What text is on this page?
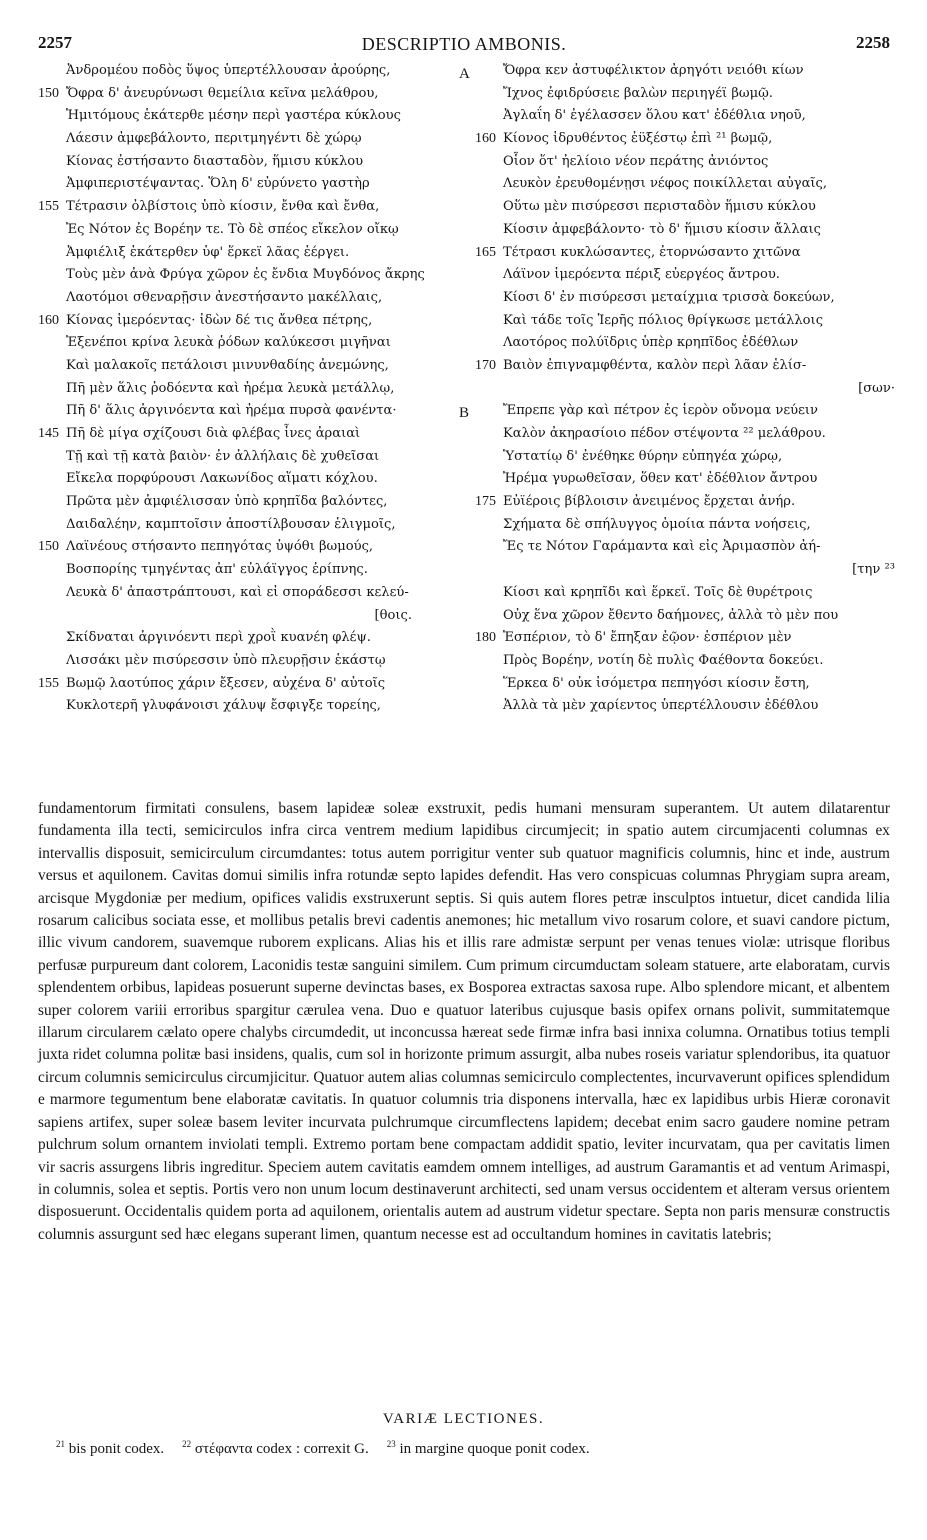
2257	DESCRIPTIO AMBONIS.	2258
A
B
Ἀνδρομέου ποδὸς ὕψος ὑπερτέλλουσαν ἀρούρης,
150 Ὄφρα δ' ἀνευρύνωσι θεμείλια κεῖνα μελάθρου,
Ἡμιτόμους ἑκάτερθε μέσην περὶ γαστέρα κύκλους
Λάεσιν ἀμφεβάλοντο, περιτμηγέντι δὲ χώρῳ
Κίονας ἐστήσαντο διασταδὸν, ἥμισυ κύκλου
Ἀμφιπεριστέψαντας. Ὅλη δ' εὐρύνετο γαστὴρ
155 Τέτρασιν ὀλβίστοις ὑπὸ κίοσιν, ἔνθα καὶ ἔνθα,
Ἐς Νότον ἐς Βορέην τε. Τὸ δὲ σπέος εἴκελον οἴκῳ
Ἀμφιέλιξ ἑκάτερθεν ὑφ' ἕρκεϊ λᾶας ἐέργει.
Τοὺς μὲν ἀνὰ Φρύγα χῶρον ἐς ἔνδια Μυγδόνος ἄκρης
Λαοτόμοι σθεναρῇσιν ἀνεστήσαντο μακέλλαις,
160 Κίονας ἱμερόεντας· ἰδὼν δέ τις ἄνθεα πέτρης,
Ἐξενέποι κρίνα λευκὰ ῥόδων καλύκεσσι μιγῆναι
Καὶ μαλακοῖς πετάλοισι μινυνθαδίης ἀνεμώνης,
Πῆ μὲν ἅλις ῥοδόεντα καὶ ἠρέμα λευκὰ μετάλλῳ,
Πῆ δ' ἅλις ἀργινόεντα καὶ ἠρέμα πυρσὰ φανέντα·
145 Πῆ δὲ μίγα σχίζουσι διὰ φλέβας ἶνες ἀραιαὶ
Τῇ καὶ τῇ κατὰ βαιὸν· ἐν ἀλλήλαις δὲ χυθεῖσαι
Εἴκελα πορφύρουσι Λακωνίδος αἵματι κόχλου.
Πρῶτα μὲν ἀμφιέλισσαν ὑπὸ κρηπῖδα βαλόντες,
Δαιδαλέην, καμπτοῖσιν ἀποστίλβουσαν ἑλιγμοῖς,
150 Λαϊνέους στήσαντο πεπηγότας ὑψόθι βωμούς,
Βοσπορίης τμηγέντας ἀπ' εὐλάϊγγος ἐρίπνης.
Λευκὰ δ' ἀπαστράπτουσι, καὶ εἰ σποράδεσσι κελεύ-
[θοις.
Σκίδναται ἀργινόεντι περὶ χροῒ κυανέη φλέψ.
Λισσάκι μὲν πισύρεσσιν ὑπὸ πλευρῇσιν ἑκάστῳ
155 Βωμῷ λαοτύπος χάριν ἔξεσεν, αὐχένα δ' αὐτοῖς
Κυκλοτερῆ γλυφάνοισι χάλυψ ἔσφιγξε τορείης,
Ὄφρα κεν ἀστυφέλικτον ἀρηγότι νειόθι κίων
Ἴχνος ἐφιδρύσειε βαλὼν περιηγέϊ βωμῷ.
Ἀγλαΐη δ' ἐγέλασσεν ὅλου κατ' ἐδέθλια νηοῦ,
160 Κίονος ἱδρυθέντος ἐϋξέστῳ ἐπὶ ²¹ βωμῷ,
Οἷον ὅτ' ἠελίοιο νέον περάτης ἀνιόντος
Λευκὸν ἐρευθομένῃσι νέφος ποικίλλεται αὐγαῖς,
Οὕτω μὲν πισύρεσσι περισταδὸν ἥμισυ κύκλου
Κίοσιν ἀμφεβάλοντο· τὸ δ' ἥμισυ κίοσιν ἄλλαις
165 Τέτρασι κυκλώσαντες, ἐτορνώσαντο χιτῶνα
Λάϊνον ἱμερόεντα πέριξ εὐεργέος ἄντρου.
Κίοσι δ' ἐν πισύρεσσι μεταίχμια τρισσὰ δοκεύων,
Καὶ τάδε τοῖς Ἱερῆς πόλιος θρίγκωσε μετάλλοις
Λαοτόρος πολύϊδρις ὑπὲρ κρηπῖδος ἐδέθλων
170 Βαιὸν ἐπιγναμφθέντα, καλὸν περὶ λᾶαν ἑλίσ-
[σων·
Ἔπρεπε γὰρ καὶ πέτρον ἐς ἱερὸν οὔνομα νεύειν
Καλὸν ἀκηρασίοιο πέδον στέψοντα ²² μελάθρου.
Ὑστατίῳ δ' ἐνέθηκε θύρην εὐπηγέα χώρῳ,
Ἠρέμα γυρωθεῖσαν, ὅθεν κατ' ἐδέθλιον ἄντρου
175 Εὐϊέροις βίβλοισιν ἀνειμένος ἔρχεται ἀνήρ.
Σχήματα δὲ σπήλυγγος ὁμοίια πάντα νοήσεις,
Ἔς τε Νότον Γαράμαντα καὶ εἰς Ἀριμασπὸν ἀή-
[την ²³
Κίοσι καὶ κρηπῖδι καὶ ἕρκεϊ. Τοῖς δὲ θυρέτροις
Οὐχ ἕνα χῶρον ἔθεντο δαήμονες, ἀλλὰ τὸ μὲν που
180 Ἑσπέριον, τὸ δ' ἔπηξαν ἑῷον· ἑσπέριον μὲν
Πρὸς Βορέην, νοτίη δὲ πυλὶς Φαέθοντα δοκεύει.
Ἕρκεα δ' οὐκ ἰσόμετρα πεπηγόσι κίοσιν ἔστη,
Ἀλλὰ τὰ μὲν χαρίεντος ὑπερτέλλουσιν ἐδέθλου
fundamentorum firmitati consulens, basem lapideæ soleæ exstruxit, pedis humani mensuram superantem. Ut autem dilatarentur fundamenta illa tecti, semicirculos infra circa ventrem medium lapidibus circumjecit; in spatio autem circumjacenti columnas ex intervallis disposuit, semicirculum circumdantes: totus autem porrigitur venter sub quatuor magnificis columnis, hinc et inde, austrum versus et aquilonem. Cavitas domui similis infra rotundæ septo lapides defendit. Has vero conspicuas columnas Phrygiam supra aream, arcisque Mygdoniæ per medium, opifices validis exstruxerunt septis. Si quis autem flores petræ insculptos intuetur, dicet candida lilia rosarum calicibus sociata esse, et mollibus petalis brevi cadentis anemones; hic metallum vivo rosarum colore, et suavi candore pictum, illic vivum candorem, suavemque ruborem explicans. Alias his et illis rare admistæ serpunt per venas tenues violæ: utrisque floribus perfusæ purpureum dant colorem, Laconidis testæ sanguini similem. Cum primum circumductam soleam statuere, arte elaboratam, curvis splendentem orbibus, lapideas posuerunt superne devinctas bases, ex Bosporea extractas saxosa rupe. Albo splendore micant, et albentem super colorem variii erroribus spargitur cærulea vena. Duo e quatuor lateribus cujusque basis opifex ornans polivit, summitatemque illarum circularem cælato opere chalybs circumdedit, ut inconcussa hæreat sede firmæ infra basi innixa columna. Ornatibus totius templi juxta ridet columna politæ basi insidens, qualis, cum sol in horizonte primum assurgit, alba nubes roseis variatur splendoribus, ita quatuor circum columnis semicirculus circumjicitur. Quatuor autem alias columnas semicirculo complectentes, incurvaverunt opifices splendidum e marmore tegumentum bene elaboratæ cavitatis. In quatuor columnis tria disponens intervalla, hæc ex lapidibus urbis Hieræ coronavit sapiens artifex, super soleæ basem leviter incurvata pulchrumque circumflectens lapidem; decebat enim sacro gaudere nomine petram pulchrum solum ornantem inviolati templi. Extremo portam bene compactam addidit spatio, leviter incurvatam, qua per cavitatis limen vir sacris assurgens libris ingreditur. Speciem autem cavitatis eamdem omnem intelliges, ad austrum Garamantis et ad ventum Arimaspi, in columnis, solea et septis. Portis vero non unum locum destinaverunt architecti, sed unam versus occidentem et alteram versus orientem disposuerunt. Occidentalis quidem porta ad aquilonem, orientalis autem ad austrum videtur spectare. Septa non paris mensuræ constructis columnis assurgunt sed hæc elegans superant limen, quantum necesse est ad occultandum homines in cavitatis latebris;
VARIÆ LECTIONES.
$^{21}$ bis ponit codex. $^{22}$ στέφαντα codex : correxit G. $^{23}$ in margine quoque ponit codex.
